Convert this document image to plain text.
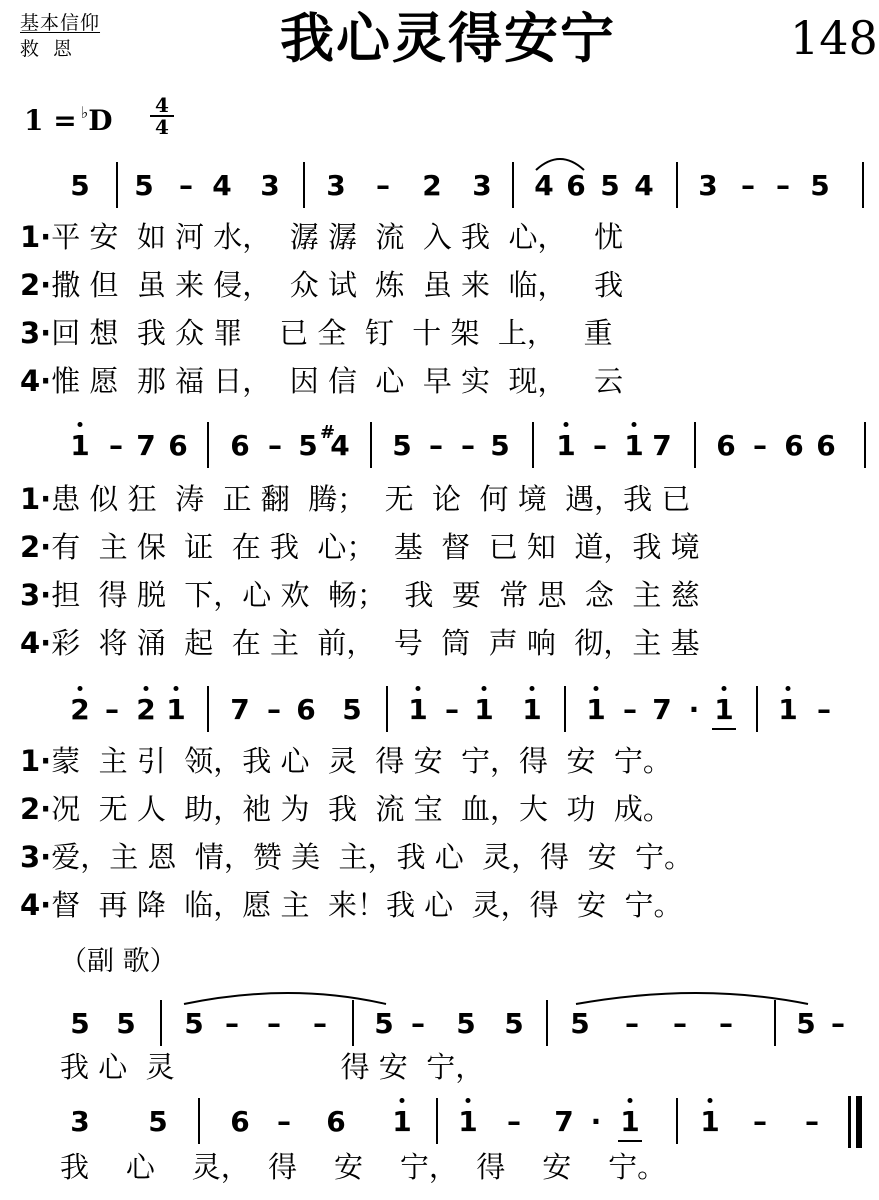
基本信仰
救恩	我心灵得安宁	148
1 = ♭D 4
4
5 5 – 4 3 3 – 2 3 4 6 5 4 3 – – 5
1·平 安  如 河 水，  潺 潺  流  入 我  心，   忧
2·撒 但  虽 来 侵，  众 试  炼  虽 来  临，   我
3·回 想  我 众 罪    已 全  钉  十 架  上，   重
4·惟 愿  那 福 日，  因 信  心  早 实  现，   云
1 – 7 6 6 – 5 #
4 5 – – 5 1 – 1 7 6 – 6 6
1·患 似 狂  涛  正 翻  腾；  无  论  何 境  遇，我 已
2·有  主 保  证  在 我  心；  基  督  已 知  道，我 境
3·担  得 脱  下，心 欢  畅；  我  要  常 思  念  主 慈
4·彩  将 涌  起  在 主  前，  号  筒  声 响  彻，主 基
2 – 2 1 7 – 6 5 1 – 1 1 1 – 7 · 1 1 –
1·蒙  主 引  领，我 心  灵  得 安  宁，得  安  宁。
2·况  无 人  助，祂 为  我  流 宝  血，大  功  成。
3·爱，主 恩  情，赞 美  主，我 心  灵，得  安  宁。
4·督  再 降  临，愿 主  来！我 心  灵，得  安  宁。
（副 歌）
5 5 5 – – – 5 – 5 5 5 – – – 5 –
我 心  灵                  得 安  宁，
3 5 6 – 6 1 1 – 7 · 1 1 – –
我    心    灵，  得    安    宁，  得    安    宁。
